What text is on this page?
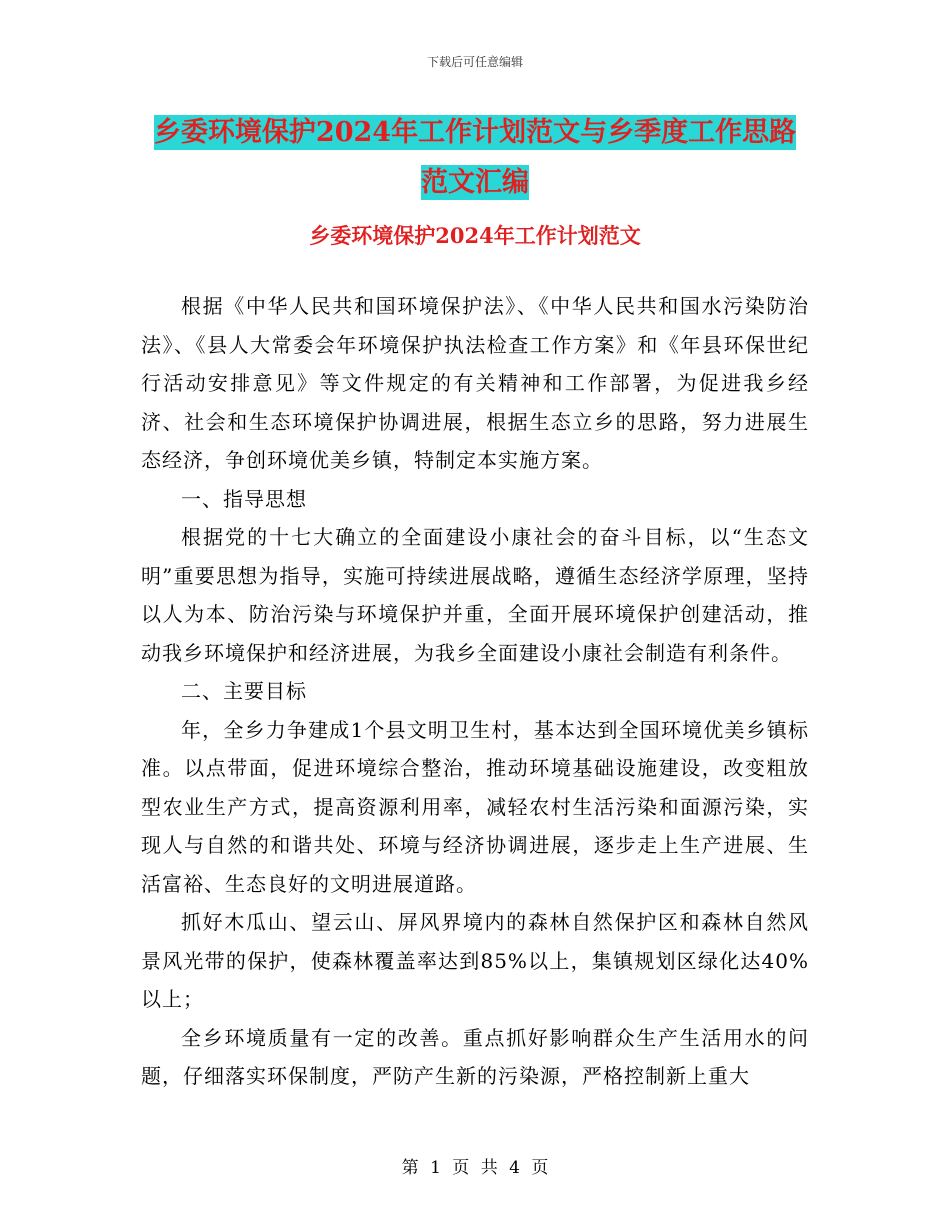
下载后可任意编辑
乡委环境保护2024年工作计划范文与乡季度工作思路
范文汇编
乡委环境保护2024年工作计划范文

根据《中华人民共和国环境保护法》、《中华人民共和国水污染防治法》、《县人大常委会年环境保护执法检查工作方案》和《年县环保世纪行活动安排意见》等文件规定的有关精神和工作部署，为促进我乡经济、社会和生态环境保护协调进展，根据生态立乡的思路，努力进展生态经济，争创环境优美乡镇，特制定本实施方案。

一、指导思想

根据党的十七大确立的全面建设小康社会的奋斗目标，以“生态文明”重要思想为指导，实施可持续进展战略，遵循生态经济学原理，坚持以人为本、防治污染与环境保护并重，全面开展环境保护创建活动，推动我乡环境保护和经济进展，为我乡全面建设小康社会制造有利条件。

二、主要目标

年，全乡力争建成1个县文明卫生村，基本达到全国环境优美乡镇标准。以点带面，促进环境综合整治，推动环境基础设施建设，改变粗放型农业生产方式，提高资源利用率，减轻农村生活污染和面源污染，实现人与自然的和谐共处、环境与经济协调进展，逐步走上生产进展、生活富裕、生态良好的文明进展道路。

抓好木瓜山、望云山、屏风界境内的森林自然保护区和森林自然风景风光带的保护，使森林覆盖率达到85%以上，集镇规划区绿化达40%以上；

全乡环境质量有一定的改善。重点抓好影响群众生产生活用水的问题，仔细落实环保制度，严防产生新的污染源，严格控制新上重大

第 1 页 共 4 页
